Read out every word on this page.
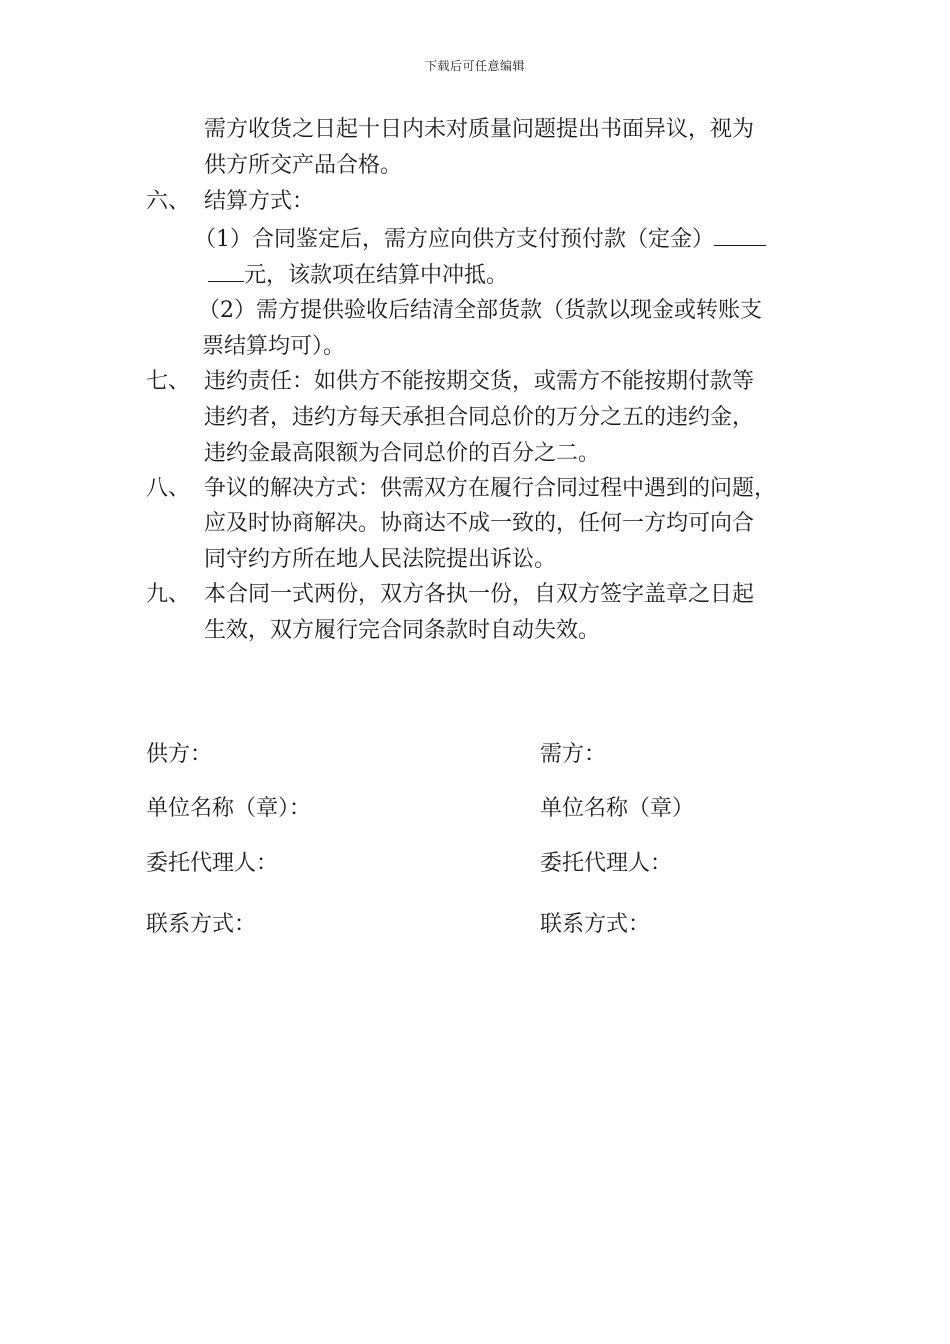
下载后可任意编辑
需方收货之日起十日内未对质量问题提出书面异议，视为
供方所交产品合格。
六、 结算方式：
（1）合同鉴定后，需方应向供方支付预付款（定金）
元，该款项在结算中冲抵。
（2）需方提供验收后结清全部货款（货款以现金或转账支
票结算均可）。
七、 违约责任：如供方不能按期交货，或需方不能按期付款等
违约者，违约方每天承担合同总价的万分之五的违约金，
违约金最高限额为合同总价的百分之二。
八、 争议的解决方式：供需双方在履行合同过程中遇到的问题，
应及时协商解决。协商达不成一致的，任何一方均可向合
同守约方所在地人民法院提出诉讼。
九、 本合同一式两份，双方各执一份，自双方签字盖章之日起
生效，双方履行完合同条款时自动失效。
供方：
单位名称（章）：
委托代理人：
联系方式：
需方：
单位名称（章）
委托代理人：
联系方式：
